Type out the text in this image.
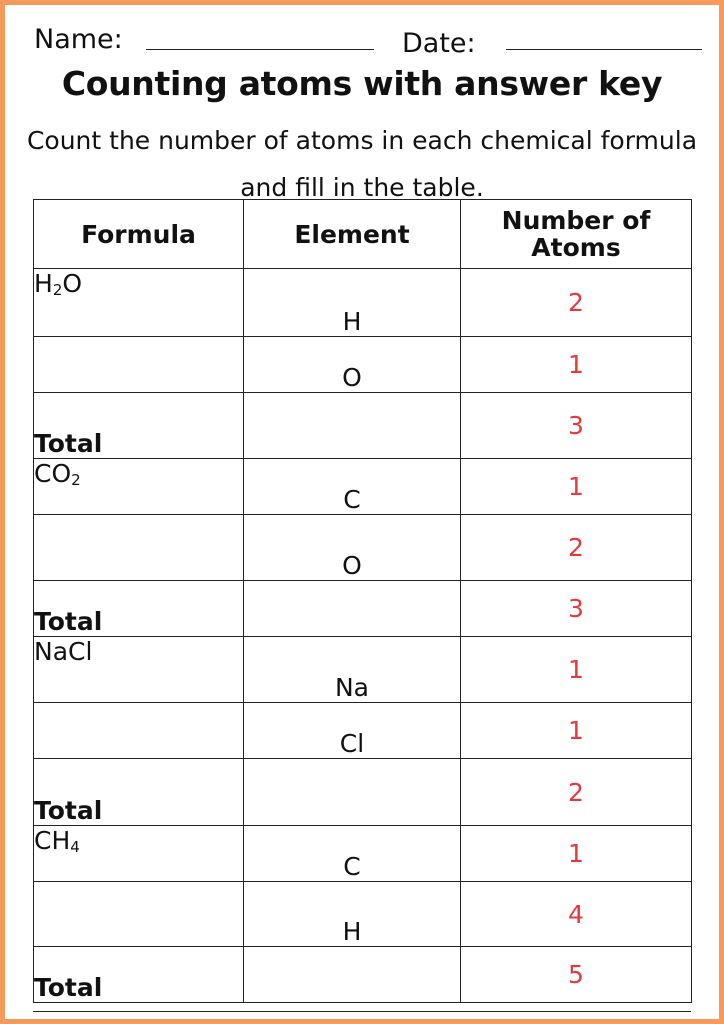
Name:	Date:
Counting atoms with answer key
Count the number of atoms in each chemical formula and fill in the table.
Formula	Element	Number of Atoms
$H_2O$	H	2
	O	1
Total		3
$CO_2$	C	1
	O	2
Total		3
NaCl	Na	1
	Cl	1
Total		2
$CH_4$	C	1
	H	4
Total		5
